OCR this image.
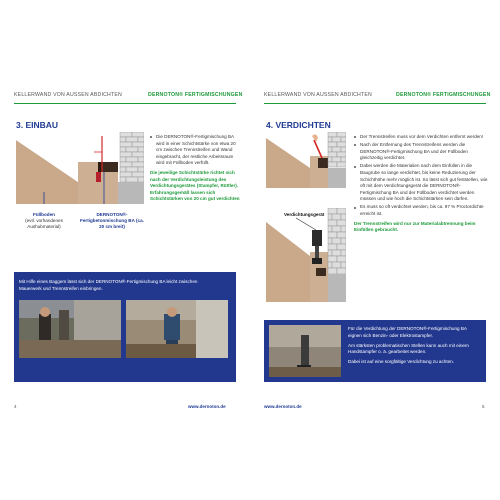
KELLERWAND VON AUSSEN ABDICHTEN	DERNOTON® FERTIGMISCHUNGEN
3. EINBAU
Füllboden
(evtl. vorhandenes Aushubmaterial)
DERNOTON®-Fertigbetonmischung BA (ca. 20 cm breit)
Die DERNOTON®-Fertigmischung BA wird in einer Schichtstärke von etwa 20 cm zwischen Trennstreifen und Wand eingebracht, der restliche Arbeitsraum wird mit Füllboden verfüllt.
Die jeweilige Schichtstärke richtet sich nach der Verdichtungsleistung des Verdichtungsgerätes (Stampfer, Rüttler). Erfahrungsgemäß lassen sich Schichtstärken von 20 cm gut verdichten
Mit Hilfe eines Baggers lässt sich der DERNOTON®-Fertigmischung BA leicht zwischen Mauerwerk und Trennstreifen einbringen.
4	www.dernoton.de
KELLERWAND VON AUSSEN ABDICHTEN	DERNOTON® FERTIGMISCHUNGEN
4. VERDICHTEN
Verdichtungsgerät
Der Trennstreifen muss vor dem Verdichten entfernt werden!
Nach der Entfernung des Trennstreifens werden die DERNOTON®-Fertigmischung BA und der Füllboden gleichzeitig verdichtet.
Dabei werden die Materialien nach dem Einfüllen in die Baugrube so lange verdichtet, bis keine Reduzierung der Schichthöhe mehr möglich ist. So lässt sich gut feststellen, wie oft mit dem Verdichtungsgerät die DERNOTON®-Fertigmischung BA und der Füllboden verdichtet werden müssen und wie hoch die Schichtstärken sein dürfen.
Es muss so oft verdichtet werden, bis ca. 97 % Proctordichte erreicht ist.
Der Trennstreifen wird nur zur Materialabtrennung beim Einfüllen gebraucht.
Für die Verdichtung der DERNOTON®-Fertigmischung BA eignen sich Benzin- oder Elektrostampfer.
Am stärksten problematischen Stellen kann auch mit einem Handstampfer o. ä. gearbeitet werden.
Dabei ist auf eine sorgfältige Verdichtung zu achten.
www.dernoton.de	5
